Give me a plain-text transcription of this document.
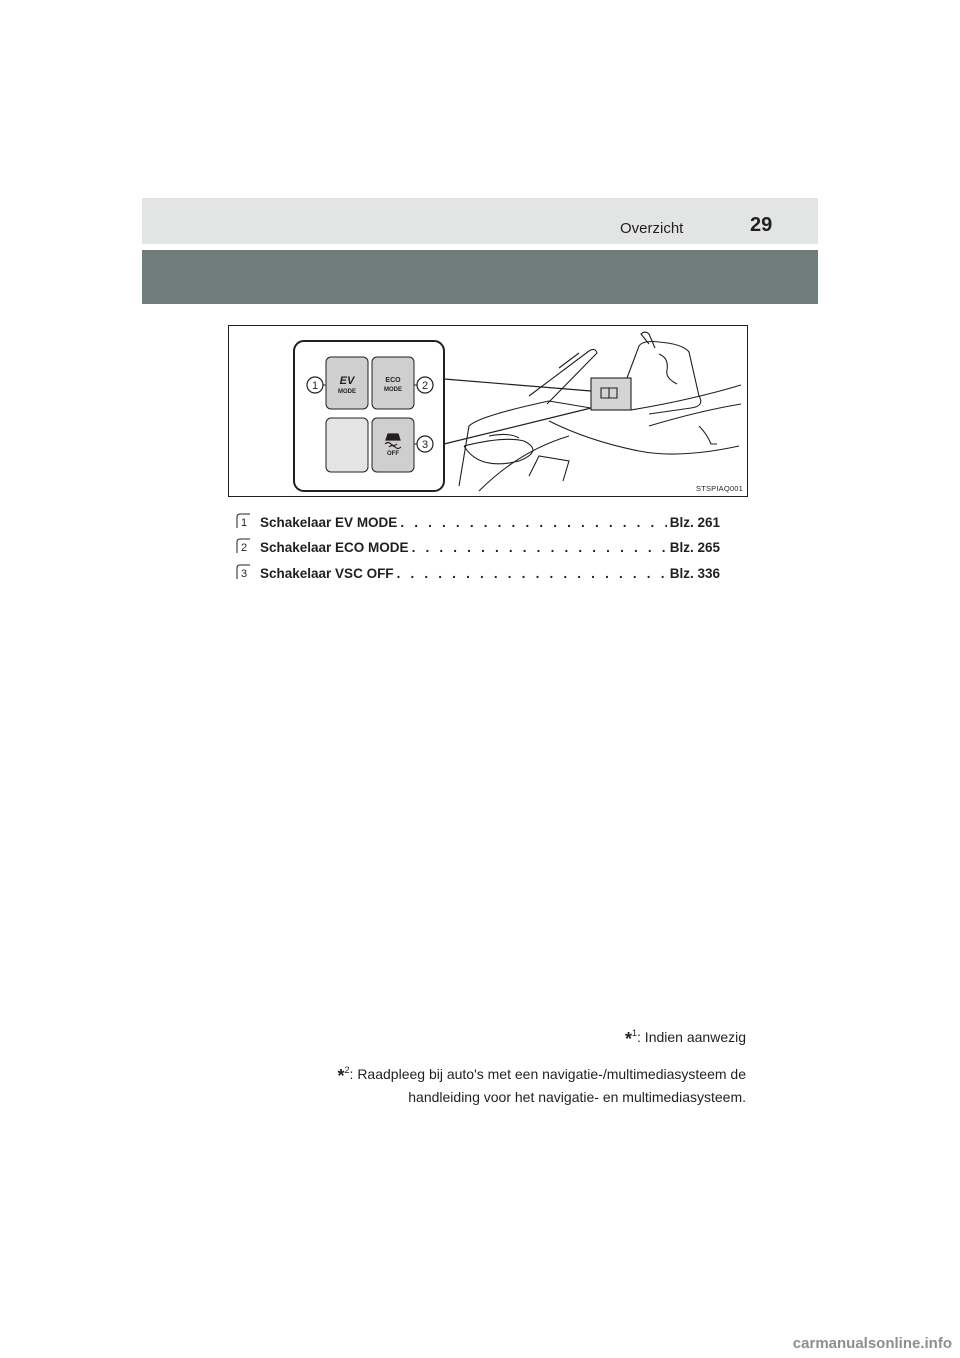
Overzicht	29
EV
MODE
ECO
MODE
OFF
1	2
3
STSPIAQ001
1 Schakelaar EV MODE . . .	Blz. 261
2 Schakelaar ECO MODE . . .	Blz. 265
3 Schakelaar VSC OFF . . .	Blz. 336
*$^1$: Indien aanwezig
*$^2$: Raadpleeg bij auto's met een navigatie-/multimediasysteem de
handleiding voor het navigatie- en multimediasysteem.
carmanualsonline.info
